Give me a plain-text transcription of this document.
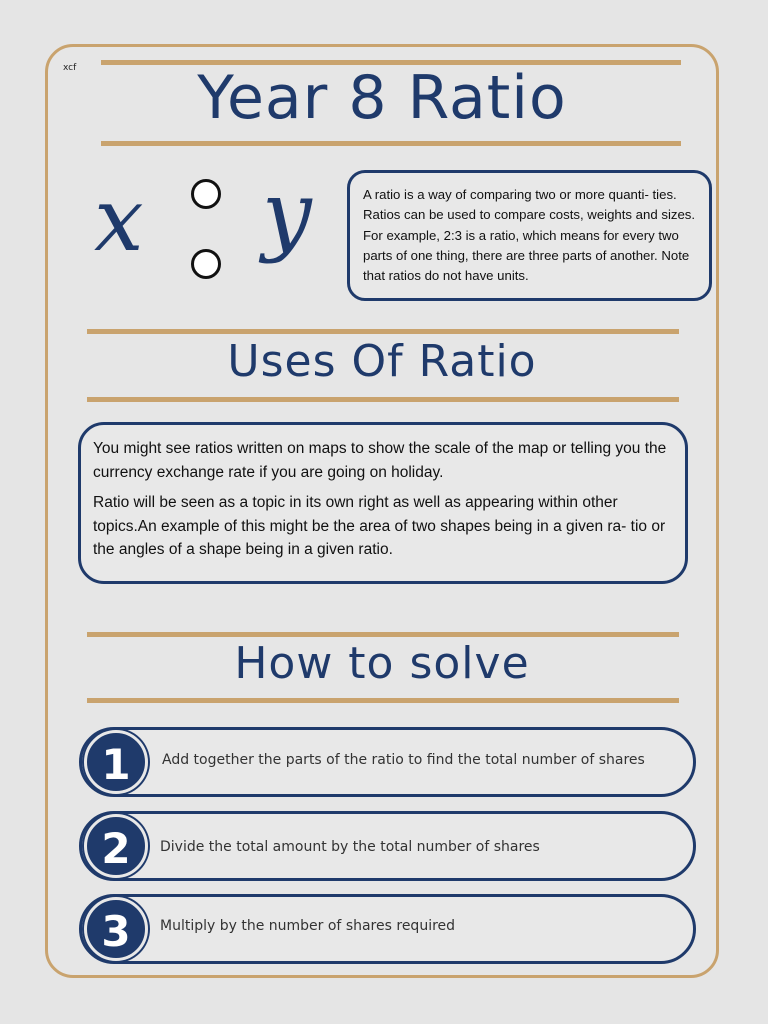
xcf	Year 8 Ratio
x y	A ratio is a way of comparing two or more quanti- ties. Ratios can be used to compare costs, weights and sizes. For example, 2:3 is a ratio, which means for every two parts of one thing, there are three parts of another. Note that ratios do not have units.
Uses Of Ratio

You might see ratios written on maps to show the scale of the map or telling you the currency exchange rate if you are going on holiday.

Ratio will be seen as a topic in its own right as well as appearing within other topics.An example of this might be the area of two shapes being in a given ra- tio or the angles of a shape being in a given ratio.

How to solve
1	Add together the parts of the ratio to find the total number of shares
2	Divide the total amount by the total number of shares
3	Multiply by the number of shares required
